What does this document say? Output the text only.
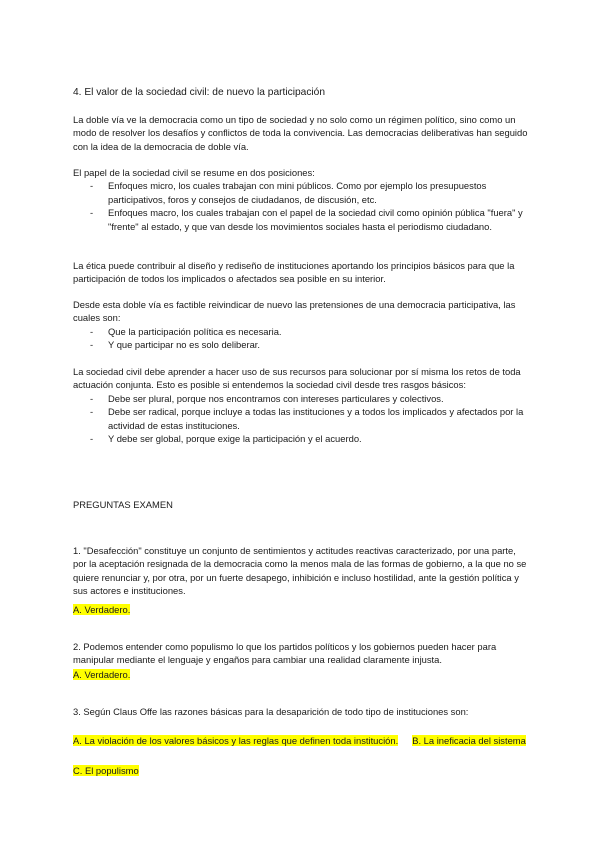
4. El valor de la sociedad civil: de nuevo la participación

La doble vía ve la democracia como un tipo de sociedad y no solo como un régimen político, sino como un modo de resolver los desafíos y conflictos de toda la convivencia. Las democracias deliberativas han seguido con la idea de la democracia de doble vía.

El papel de la sociedad civil se resume en dos posiciones:
- Enfoques micro, los cuales trabajan con mini públicos. Como por ejemplo los presupuestos participativos, foros y consejos de ciudadanos, de discusión, etc.
- Enfoques macro, los cuales trabajan con el papel de la sociedad civil como opinión pública "fuera" y "frente" al estado, y que van desde los movimientos sociales hasta el periodismo ciudadano.

La ética puede contribuir al diseño y rediseño de instituciones aportando los principios básicos para que la participación de todos los implicados o afectados sea posible en su interior.

Desde esta doble vía es factible reivindicar de nuevo las pretensiones de una democracia participativa, las cuales son:
- Que la participación política es necesaria.
- Y que participar no es solo deliberar.
La sociedad civil debe aprender a hacer uso de sus recursos para solucionar por sí misma los retos de toda actuación conjunta. Esto es posible si entendemos la sociedad civil desde tres rasgos básicos:
- Debe ser plural, porque nos encontramos con intereses particulares y colectivos.
- Debe ser radical, porque incluye a todas las instituciones y a todos los implicados y afectados por la actividad de estas instituciones.
- Y debe ser global, porque exige la participación y el acuerdo.

PREGUNTAS EXAMEN

1. "Desafección" constituye un conjunto de sentimientos y actitudes reactivas caracterizado, por una parte, por la aceptación resignada de la democracia como la menos mala de las formas de gobierno, a la que no se quiere renunciar y, por otra, por un fuerte desapego, inhibición e incluso hostilidad, ante la gestión política y sus actores e instituciones.

A. Verdadero.

2. Podemos entender como populismo lo que los partidos políticos y los gobiernos pueden hacer para manipular mediante el lenguaje y engaños para cambiar una realidad claramente injusta.

A. Verdadero.

3. Según Claus Offe las razones básicas para la desaparición de todo tipo de instituciones son:

A. La violación de los valores básicos y las reglas que definen toda institución. B. La ineficacia del sistema

C. El populismo
